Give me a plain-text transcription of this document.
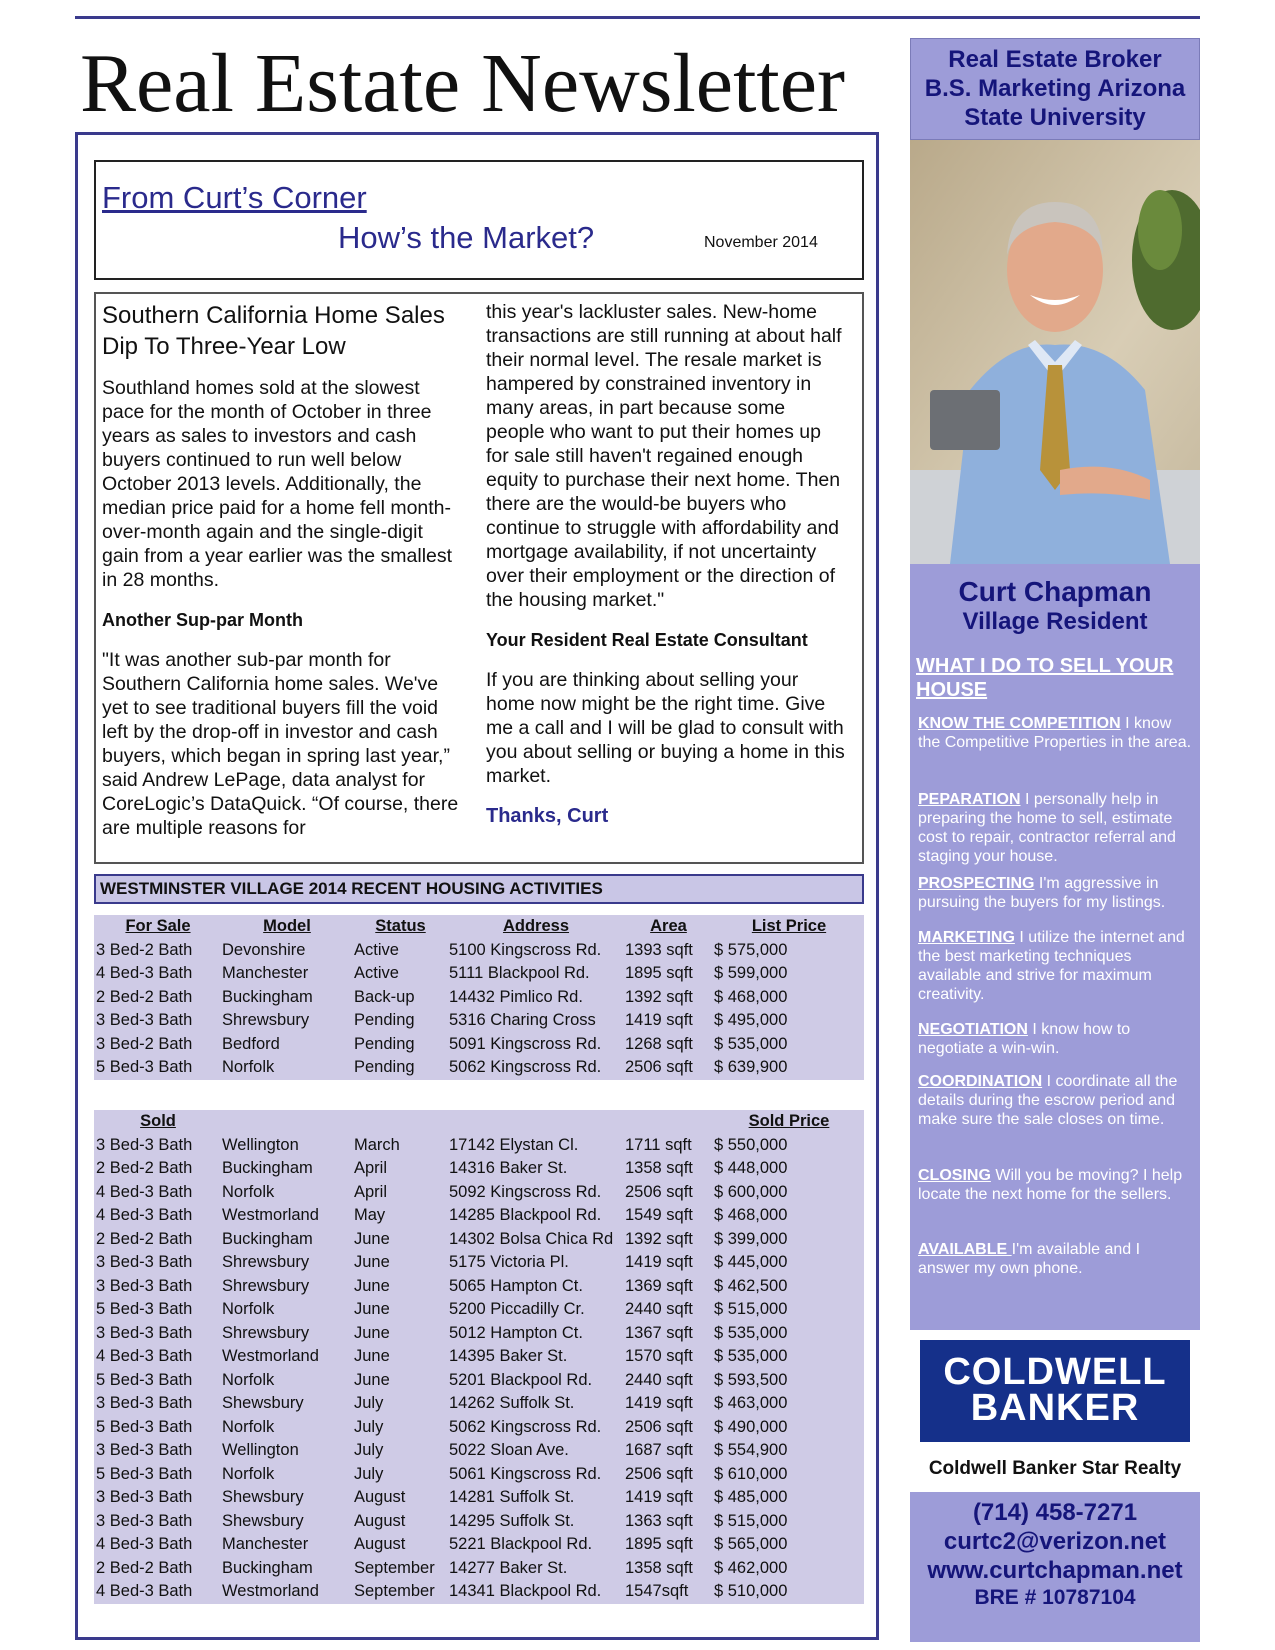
Real Estate Newsletter
From Curt’s Corner
How’s the Market?	November 2014
Southern California Home Sales Dip To Three-Year Low

Southland homes sold at the slowest pace for the month of October in three years as sales to investors and cash buyers continued to run well below October 2013 levels. Additionally, the median price paid for a home fell month-over-month again and the single-digit gain from a year earlier was the smallest in 28 months.

Another Sup-par Month

"It was another sub-par month for Southern California home sales. We've yet to see traditional buyers fill the void left by the drop-off in investor and cash buyers, which began in spring last year,” said Andrew LePage, data analyst for CoreLogic’s DataQuick. “Of course, there are multiple reasons for

this year's lackluster sales. New-home transactions are still running at about half their normal level. The resale market is hampered by constrained inventory in many areas, in part because some people who want to put their homes up for sale still haven't regained enough equity to purchase their next home. Then there are the would-be buyers who continue to struggle with affordability and mortgage availability, if not uncertainty over their employment or the direction of the housing market."

Your Resident Real Estate Consultant

If you are thinking about selling your home now might be the right time. Give me a call and I will be glad to consult with you about selling or buying a home in this market.

Thanks, Curt

WESTMINSTER VILLAGE 2014 RECENT HOUSING ACTIVITIES
For Sale	Model	Status	Address	Area	List Price
3 Bed-2 Bath	Devonshire	Active	5100 Kingscross Rd.	1393 sqft	$ 575,000
4 Bed-3 Bath	Manchester	Active	5111 Blackpool Rd.	1895 sqft	$ 599,000
2 Bed-2 Bath	Buckingham	Back-up	14432 Pimlico Rd.	1392 sqft	$ 468,000
3 Bed-3 Bath	Shrewsbury	Pending	5316 Charing Cross	1419 sqft	$ 495,000
3 Bed-2 Bath	Bedford	Pending	5091 Kingscross Rd.	1268 sqft	$ 535,000
5 Bed-3 Bath	Norfolk	Pending	5062 Kingscross Rd.	2506 sqft	$ 639,900
Sold					Sold Price
3 Bed-3 Bath	Wellington	March	17142 Elystan Cl.	1711 sqft	$ 550,000
2 Bed-2 Bath	Buckingham	April	14316 Baker St.	1358 sqft	$ 448,000
4 Bed-3 Bath	Norfolk	April	5092 Kingscross Rd.	2506 sqft	$ 600,000
4 Bed-3 Bath	Westmorland	May	14285 Blackpool Rd.	1549 sqft	$ 468,000
2 Bed-2 Bath	Buckingham	June	14302 Bolsa Chica Rd	1392 sqft	$ 399,000
3 Bed-3 Bath	Shrewsbury	June	5175 Victoria Pl.	1419 sqft	$ 445,000
3 Bed-3 Bath	Shrewsbury	June	5065 Hampton Ct.	1369 sqft	$ 462,500
5 Bed-3 Bath	Norfolk	June	5200 Piccadilly Cr.	2440 sqft	$ 515,000
3 Bed-3 Bath	Shrewsbury	June	5012 Hampton Ct.	1367 sqft	$ 535,000
4 Bed-3 Bath	Westmorland	June	14395 Baker St.	1570 sqft	$ 535,000
5 Bed-3 Bath	Norfolk	June	5201 Blackpool Rd.	2440 sqft	$ 593,500
3 Bed-3 Bath	Shewsbury	July	14262 Suffolk St.	1419 sqft	$ 463,000
5 Bed-3 Bath	Norfolk	July	5062 Kingscross Rd.	2506 sqft	$ 490,000
3 Bed-3 Bath	Wellington	July	5022 Sloan Ave.	1687 sqft	$ 554,900
5 Bed-3 Bath	Norfolk	July	5061 Kingscross Rd.	2506 sqft	$ 610,000
3 Bed-3 Bath	Shewsbury	August	14281 Suffolk St.	1419 sqft	$ 485,000
3 Bed-3 Bath	Shewsbury	August	14295 Suffolk St.	1363 sqft	$ 515,000
4 Bed-3 Bath	Manchester	August	5221 Blackpool Rd.	1895 sqft	$ 565,000
2 Bed-2 Bath	Buckingham	September	14277 Baker St.	1358 sqft	$ 462,000
4 Bed-3 Bath	Westmorland	September	14341 Blackpool Rd.	1547sqft	$ 510,000
Real Estate Broker
B.S. Marketing Arizona
State University
Curt Chapman
Village Resident
WHAT I DO TO SELL YOUR HOUSE
KNOW THE COMPETITION I know the Competitive Properties in the area.
PEPARATION I personally help in preparing the home to sell, estimate cost to repair, contractor referral and staging your house.
PROSPECTING I'm aggressive in pursuing the buyers for my listings.
MARKETING I utilize the internet and the best marketing techniques available and strive for maximum creativity.
NEGOTIATION I know how to negotiate a win-win.
COORDINATION I coordinate all the details during the escrow period and make sure the sale closes on time.
CLOSING Will you be moving? I help locate the next home for the sellers.
AVAILABLE I'm available and I answer my own phone.
COLDWELL
BANKER
Coldwell Banker Star Realty
(714) 458-7271
curtc2@verizon.net
www.curtchapman.net
BRE # 10787104
